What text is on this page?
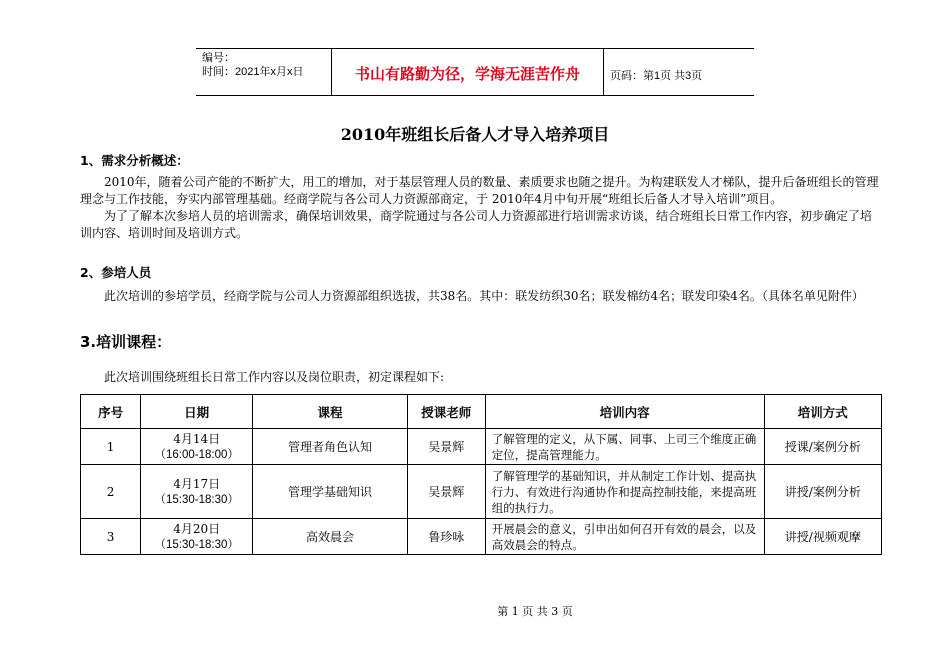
编号：
时间：2021年x月x日	书山有路勤为径，学海无涯苦作舟	页码：第1页 共3页
2010年班组长后备人才导入培养项目
1、需求分析概述：

2010年，随着公司产能的不断扩大，用工的增加，对于基层管理人员的数量、素质要求也随之提升。为构建联发人才梯队，提升后备班组长的管理理念与工作技能，夯实内部管理基础。经商学院与各公司人力资源部商定，于 2010年4月中旬开展“班组长后备人才导入培训”项目。

为了了解本次参培人员的培训需求，确保培训效果，商学院通过与各公司人力资源部进行培训需求访谈，结合班组长日常工作内容，初步确定了培训内容、培训时间及培训方式。

2、参培人员

此次培训的参培学员，经商学院与公司人力资源部组织选拔，共38名。其中：联发纺织30名；联发棉纺4名；联发印染4名。（具体名单见附件）

3.培训课程：

此次培训围绕班组长日常工作内容以及岗位职责，初定课程如下:

序号	日期	课程	授课老师	培训内容	培训方式
1	4月14日
（16:00-18:00）	管理者角色认知	吴景辉	了解管理的定义，从下属、同事、上司三个维度正确定位，提高管理能力。	授课/案例分析
2	4月17日
（15:30-18:30）	管理学基础知识	吴景辉	了解管理学的基础知识，并从制定工作计划、提高执行力、有效进行沟通协作和提高控制技能，来提高班组的执行力。	讲授/案例分析
3	4月20日
（15:30-18:30）	高效晨会	鲁珍咏	开展晨会的意义，引申出如何召开有效的晨会，以及高效晨会的特点。	讲授/视频观摩
第 1 页 共 3 页
